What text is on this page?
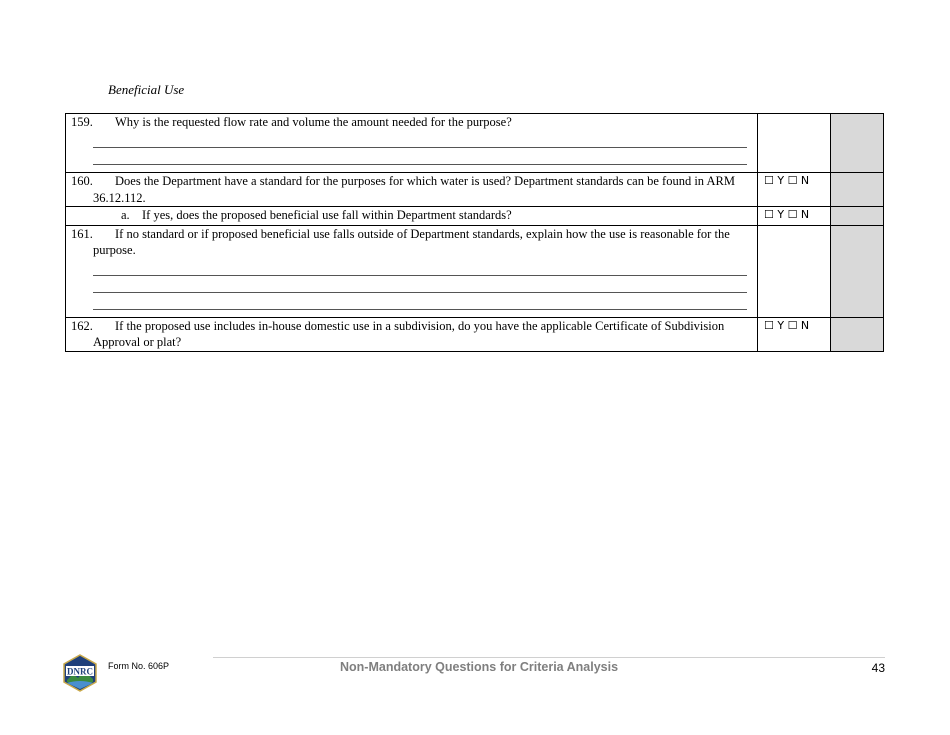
Beneficial Use
159. Why is the requested flow rate and volume the amount needed for the purpose?		

160. Does the Department have a standard for the purposes for which water is used? Department standards can be found in ARM 36.12.112.	☐ Y ☐ N	

a. If yes, does the proposed beneficial use fall within Department standards?	☐ Y ☐ N	

161. If no standard or if proposed beneficial use falls outside of Department standards, explain how the use is reasonable for the purpose.		

162. If the proposed use includes in-house domestic use in a subdivision, do you have the applicable Certificate of Subdivision Approval or plat?	☐ Y ☐ N	
DNRC
Form No. 606P	Non-Mandatory Questions for Criteria Analysis	43
